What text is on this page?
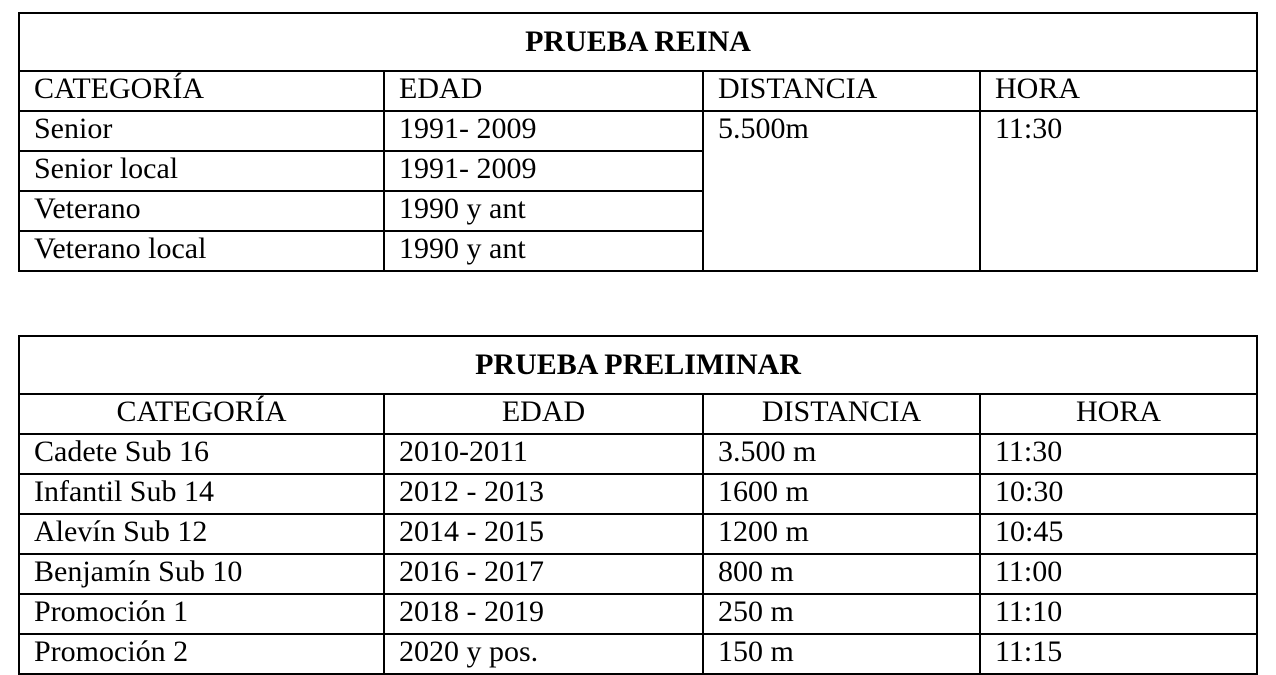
PRUEBA REINA			
CATEGORÍA	EDAD	DISTANCIA	HORA
Senior	1991- 2009	5.500m	11:30
Senior local	1991- 2009		
Veterano	1990 y ant		
Veterano local	1990 y ant		
PRUEBA PRELIMINAR			
CATEGORÍA	EDAD	DISTANCIA	HORA
Cadete Sub 16	2010-2011	3.500 m	11:30
Infantil Sub 14	2012 - 2013	1600 m	10:30
Alevín Sub 12	2014 - 2015	1200 m	10:45
Benjamín Sub 10	2016 - 2017	800 m	11:00
Promoción 1	2018 - 2019	250 m	11:10
Promoción 2	2020 y pos.	150 m	11:15
